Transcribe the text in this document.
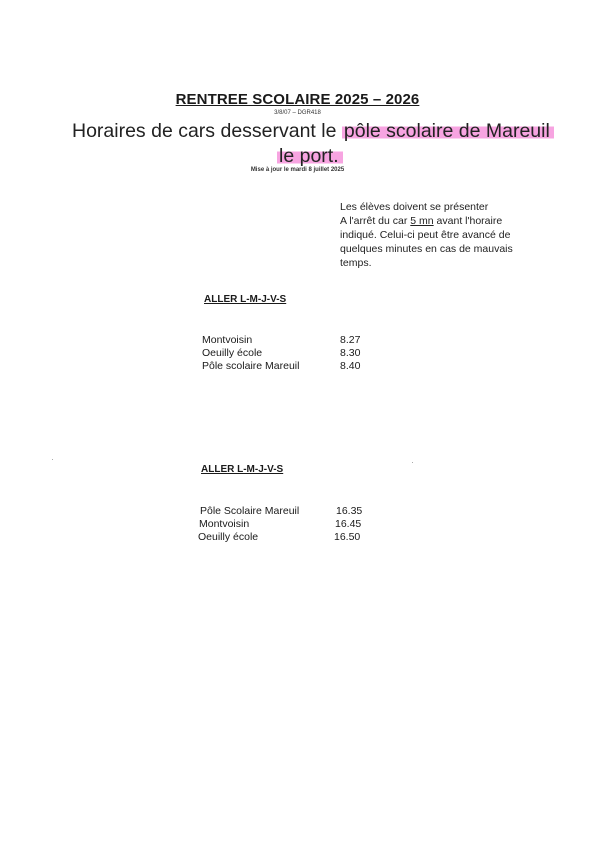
RENTREE SCOLAIRE 2025 – 2026
3/8/07 – DGR418
Horaires de cars desservant le pôle scolaire de Mareuil
le port.
Mise à jour le mardi 8 juillet 2025

Les élèves doivent se présenter

A l'arrêt du car 5 mn avant l'horaire

indiqué. Celui-ci peut être avancé de

quelques minutes en cas de mauvais

temps.

ALLER L-M-J-V-S
Montvoisin	8.27
Oeuilly école	8.30
Pôle scolaire Mareuil	8.40
ALLER L-M-J-V-S
Pôle Scolaire Mareuil	16.35
Montvoisin	16.45
Oeuilly école	16.50
